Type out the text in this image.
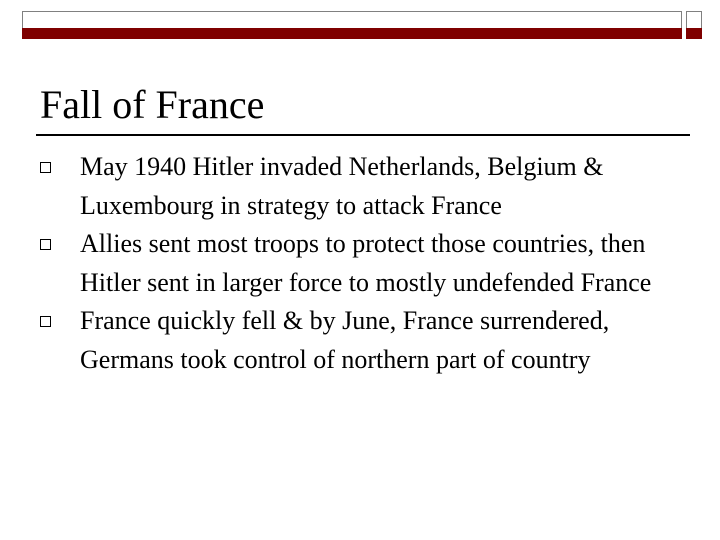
Fall of France
May 1940 Hitler invaded Netherlands, Belgium & Luxembourg in strategy to attack France
Allies sent most troops to protect those countries, then Hitler sent in larger force to mostly undefended France
France quickly fell & by June, France surrendered, Germans took control of northern part of country
